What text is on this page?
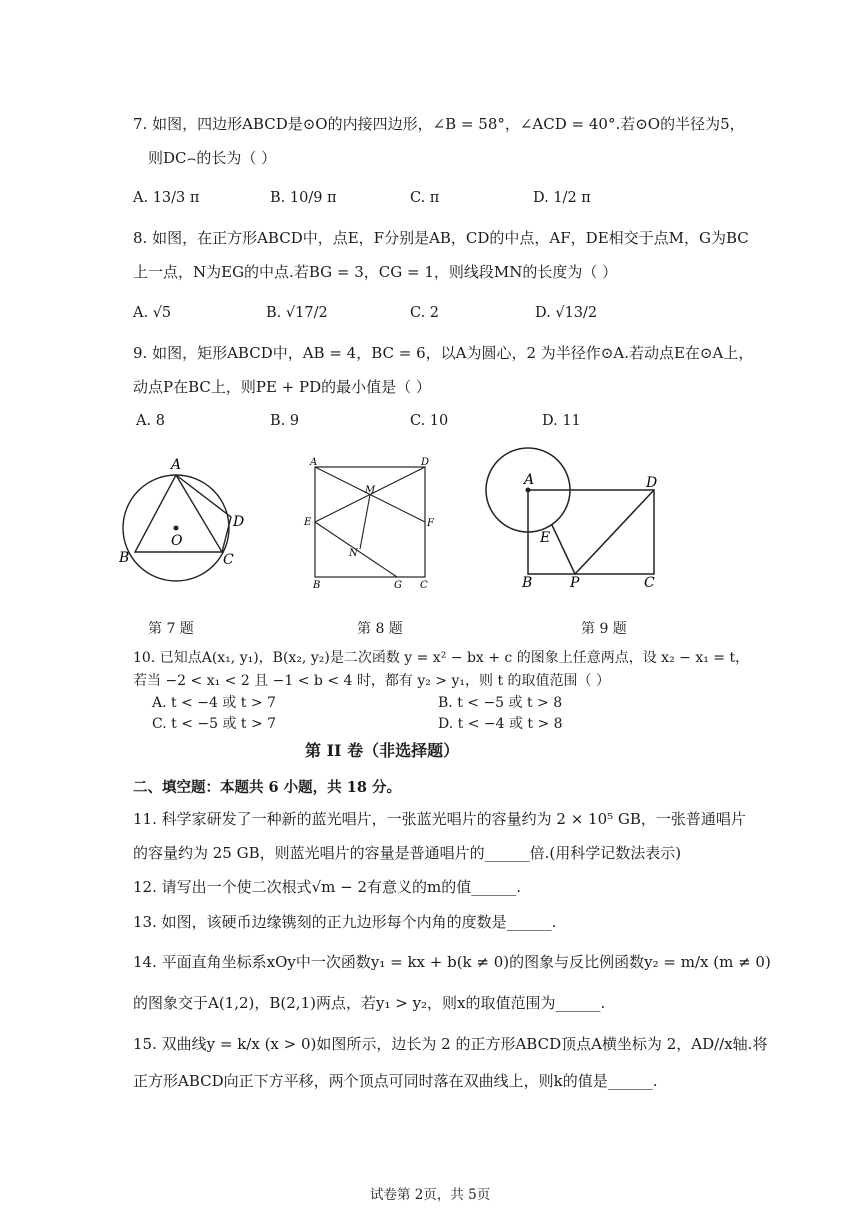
7. 如图，四边形ABCD是⊙O的内接四边形，∠B = 58°，∠ACD = 40°.若⊙O的半径为5，
则DC⌢的长为（ ）
A. 13/3 π	B. 10/9 π	C. π	D. 1/2 π
8. 如图，在正方形ABCD中，点E，F分别是AB，CD的中点，AF，DE相交于点M，G为BC
上一点，N为EG的中点.若BG = 3，CG = 1，则线段MN的长度为（ ）
A. √5	B. √17/2	C. 2	D. √13/2
9. 如图，矩形ABCD中，AB = 4，BC = 6，以A为圆心，2 为半径作⊙A.若动点E在⊙A上，
动点P在BC上，则PE + PD的最小值是（ ）
A. 8	B. 9	C. 10	D. 11
A
B	C
D
O
A	D
E	F
M
N
B	G C
A	D
E
B	P	C
第 7 题	第 8 题	第 9 题
10. 已知点A(x₁, y₁)，B(x₂, y₂)是二次函数 y = x² − bx + c 的图象上任意两点，设 x₂ − x₁ = t，
若当 −2 < x₁ < 2 且 −1 < b < 4 时，都有 y₂ > y₁，则 t 的取值范围（ ）
A. t < −4 或 t > 7	B. t < −5 或 t > 8
C. t < −5 或 t > 7	D. t < −4 或 t > 8
第 II 卷（非选择题）
二、填空题：本题共 6 小题，共 18 分。
11. 科学家研发了一种新的蓝光唱片，一张蓝光唱片的容量约为 2 × 10⁵ GB，一张普通唱片
的容量约为 25 GB，则蓝光唱片的容量是普通唱片的______倍.(用科学记数法表示)
12. 请写出一个使二次根式√m − 2有意义的m的值______.
13. 如图，该硬币边缘镌刻的正九边形每个内角的度数是______.
14. 平面直角坐标系xOy中一次函数y₁ = kx + b(k ≠ 0)的图象与反比例函数y₂ = m/x (m ≠ 0)
的图象交于A(1,2)，B(2,1)两点，若y₁ > y₂，则x的取值范围为______.
15. 双曲线y = k/x (x > 0)如图所示，边长为 2 的正方形ABCD顶点A横坐标为 2，AD//x轴.将
正方形ABCD向正下方平移，两个顶点可同时落在双曲线上，则k的值是______.
试卷第 2页，共 5页
